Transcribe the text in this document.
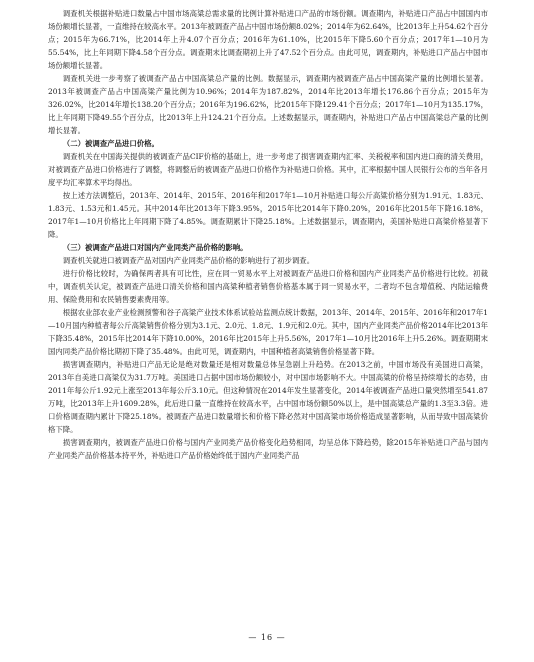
调查机关根据补贴进口数量占中国市场高粱总需求量的比例计算补贴进口产品的市场份额。调查期内，补贴进口产品占中国国内市场份额增长显著，一直维持在较高水平。2013年被调查产品占中国市场份额8.02%；2014年为62.64%，比2013年上升54.62个百分点；2015年为66.71%，比2014年上升4.07个百分点；2016年为61.10%，比2015年下降5.60个百分点；2017年1—10月为55.54%，比上年同期下降4.58个百分点。调查期末比调查期初上升了47.52个百分点。由此可见，调查期内，补贴进口产品占中国市场份额增长显著。

调查机关进一步考察了被调查产品占中国高粱总产量的比例。数据显示，调查期内被调查产品占中国高粱产量的比例增长显著。2013年被调查产品占中国高粱产量比例为10.96%；2014年为187.82%，2014年比2013年增长176.86个百分点；2015年为326.02%，比2014年增长138.20个百分点；2016年为196.62%，比2015年下降129.41个百分点；2017年1—10月为135.17%，比上年同期下降49.55个百分点，比2013年上升124.21个百分点。上述数据显示，调查期内，补贴进口产品占中国高粱总产量的比例增长显著。

（二）被调查产品进口价格。

调查机关在中国海关提供的被调查产品CIF价格的基础上，进一步考虑了损害调查期内汇率、关税税率和国内进口商的清关费用，对被调查产品进口价格进行了调整，将调整后的被调查产品进口价格作为补贴进口价格。其中，汇率根据中国人民银行公布的当年各月度平均汇率算术平均得出。

按上述方法调整后，2013年、2014年、2015年、2016年和2017年1—10月补贴进口每公斤高粱价格分别为1.91元、1.83元、1.83元、1.53元和1.45元。其中2014年比2013年下降3.95%，2015年比2014年下降0.20%，2016年比2015年下降16.18%，2017年1—10月价格比上年同期下降了4.85%。调查期累计下降25.18%。上述数据显示，调查期内，美国补贴进口高粱价格显著下降。

（三）被调查产品进口对国内产业同类产品价格的影响。

调查机关就进口被调查产品对国内产业同类产品价格的影响进行了初步调查。

进行价格比较时，为确保两者具有可比性，应在同一贸易水平上对被调查产品进口价格和国内产业同类产品价格进行比较。初裁中，调查机关认定，被调查产品进口清关价格和国内高粱种植者销售价格基本属于同一贸易水平，二者均不包含增值税、内陆运输费用、保险费用和农民销售要素费用等。

根据农业部农业产业检测预警和谷子高粱产业技术体系试验站监测点统计数据，2013年、2014年、2015年、2016年和2017年1—10月国内种植者每公斤高粱销售价格分别为3.1元、2.0元、1.8元、1.9元和2.0元。其中，国内产业同类产品价格2014年比2013年下降35.48%，2015年比2014年下降10.00%，2016年比2015年上升5.56%，2017年1—10月比2016年上升5.26%。调查期期末国内同类产品价格比期初下降了35.48%。由此可见，调查期内，中国种植者高粱销售价格显著下降。

损害调查期内，补贴进口产品无论是绝对数量还是相对数量总体呈急剧上升趋势。在2013之前，中国市场没有美国进口高粱，2013年自美进口高粱仅为31.7万吨。美国进口占据中国市场份额较小，对中国市场影响不大。中国高粱的价格呈持续增长的态势，由2011年每公斤1.92元上涨至2013年每公斤3.10元。但这种情况在2014年发生显著变化，2014年被调查产品进口量突然增至541.87万吨，比2013年上升1609.28%，此后进口量一直维持在较高水平，占中国市场份额50%以上，是中国高粱总产量的1.3至3.3倍。进口价格调查期内累计下降25.18%。被调查产品进口数量增长和价格下降必然对中国高粱市场价格造成显著影响，从而导致中国高粱价格下降。

损害调查期内，被调查产品进口价格与国内产业同类产品价格变化趋势相同，均呈总体下降趋势，除2015年补贴进口产品与国内产业同类产品价格基本持平外，补贴进口产品价格始终低于国内产业同类产品

— 16 —
